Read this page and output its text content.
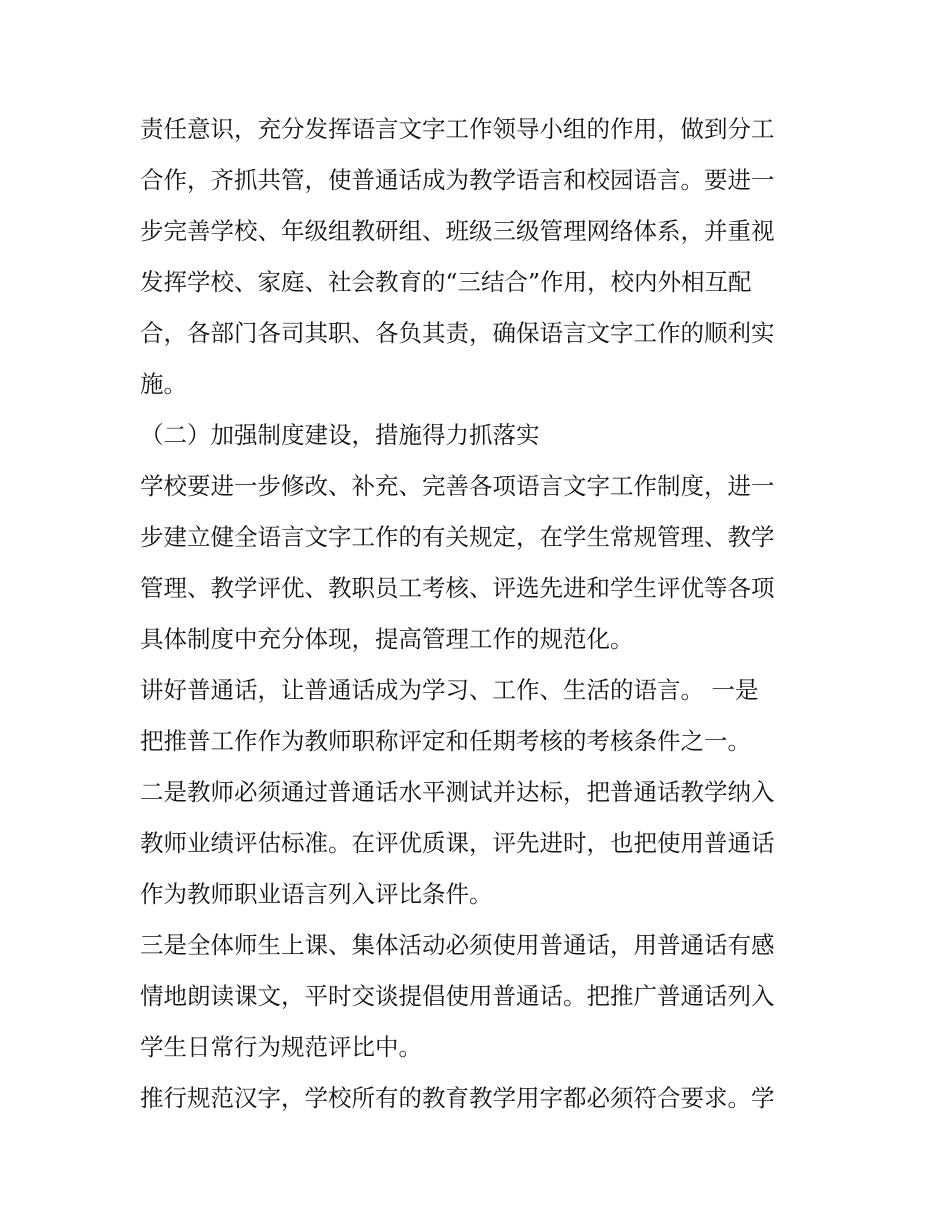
责任意识，充分发挥语言文字工作领导小组的作用，做到分工

合作，齐抓共管，使普通话成为教学语言和校园语言。要进一

步完善学校、年级组教研组、班级三级管理网络体系，并重视

发挥学校、家庭、社会教育的“三结合”作用，校内外相互配

合，各部门各司其职、各负其责，确保语言文字工作的顺利实

施。

（二）加强制度建设，措施得力抓落实

学校要进一步修改、补充、完善各项语言文字工作制度，进一

步建立健全语言文字工作的有关规定，在学生常规管理、教学

管理、教学评优、教职员工考核、评选先进和学生评优等各项

具体制度中充分体现，提高管理工作的规范化。

讲好普通话，让普通话成为学习、工作、生活的语言。 一是

把推普工作作为教师职称评定和任期考核的考核条件之一。

二是教师必须通过普通话水平测试并达标，把普通话教学纳入

教师业绩评估标准。在评优质课，评先进时，也把使用普通话

作为教师职业语言列入评比条件。

三是全体师生上课、集体活动必须使用普通话，用普通话有感

情地朗读课文，平时交谈提倡使用普通话。把推广普通话列入

学生日常行为规范评比中。

推行规范汉字，学校所有的教育教学用字都必须符合要求。学
